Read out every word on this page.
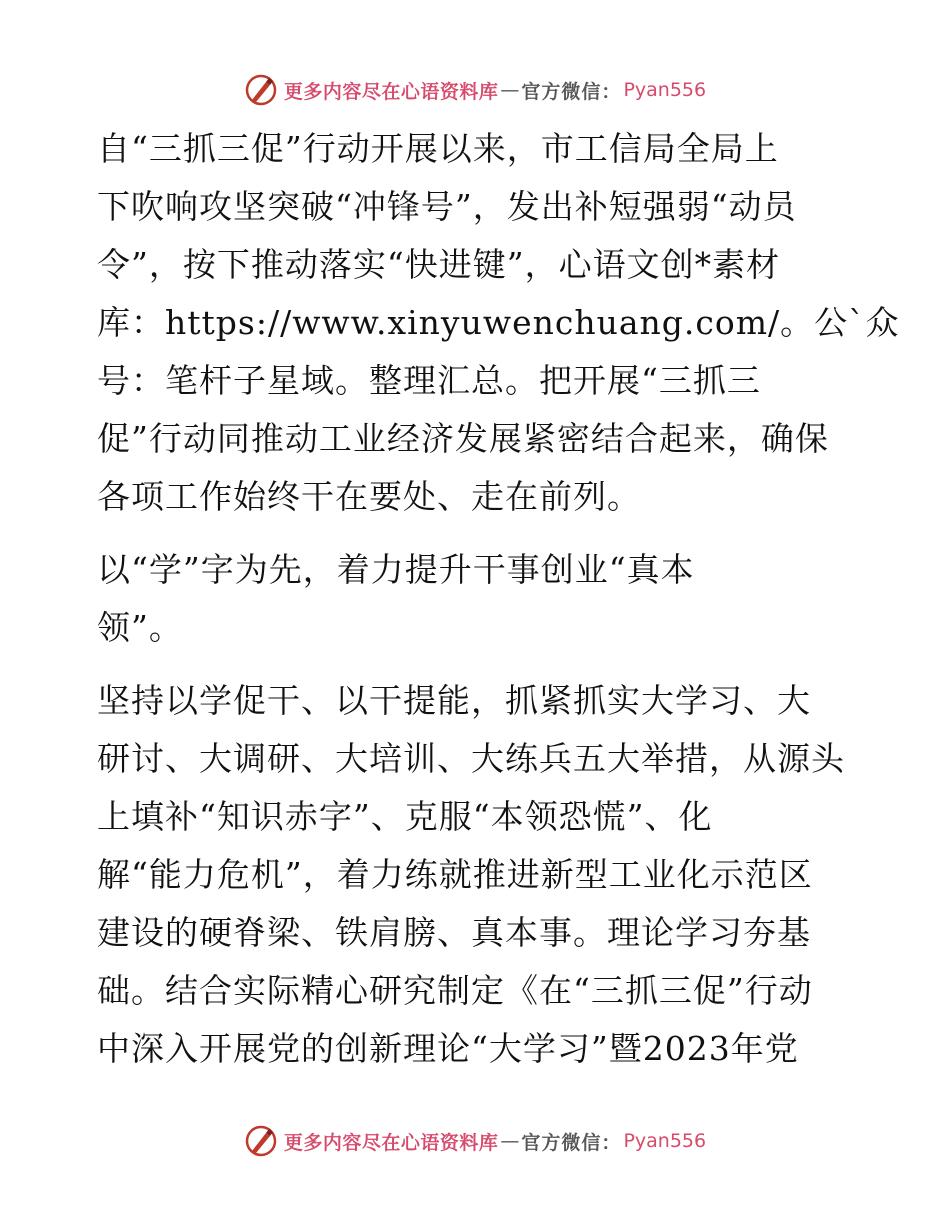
更多内容尽在心语资料库 — 官方微信： Pyan556

自“三抓三促”行动开展以来，市工信局全局上
下吹响攻坚突破“冲锋号”，发出补短强弱“动员
令”，按下推动落实“快进键”，心语文创*素材
库：https://www.xinyuwenchuang.com/。公`众
号：笔杆子星域。整理汇总。把开展“三抓三
促”行动同推动工业经济发展紧密结合起来，确保
各项工作始终干在要处、走在前列。

以“学”字为先，着力提升干事创业“真本
领”。

坚持以学促干、以干提能，抓紧抓实大学习、大
研讨、大调研、大培训、大练兵五大举措，从源头
上填补“知识赤字”、克服“本领恐慌”、化
解“能力危机”，着力练就推进新型工业化示范区
建设的硬脊梁、铁肩膀、真本事。理论学习夯基
础。结合实际精心研究制定《在“三抓三促”行动
中深入开展党的创新理论“大学习”暨2023年党

更多内容尽在心语资料库 — 官方微信： Pyan556
